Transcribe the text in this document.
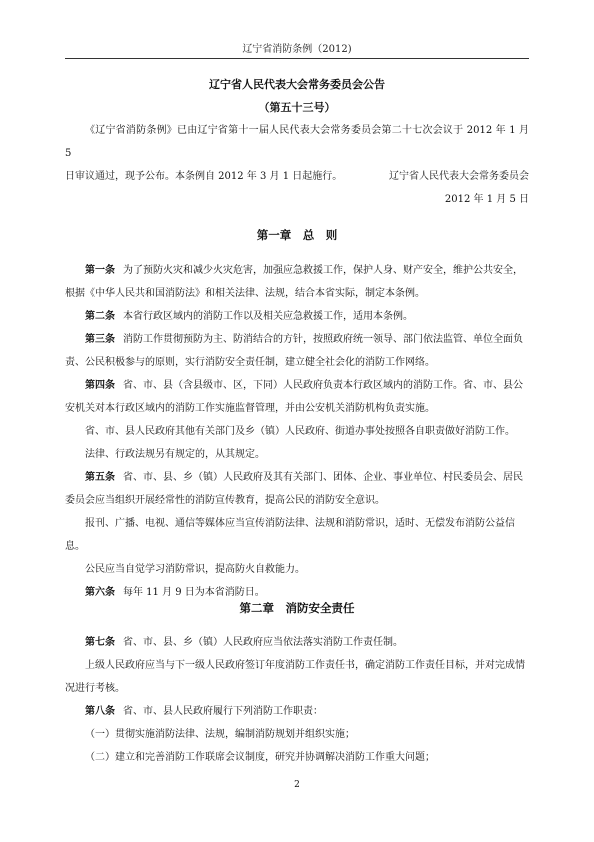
辽宁省消防条例（2012)
辽宁省人民代表大会常务委员会公告
（第五十三号）
《辽宁省消防条例》已由辽宁省第十一届人民代表大会常务委员会第二十七次会议于 2012 年 1 月 5
日审议通过，现予公布。本条例自 2012 年 3 月 1 日起施行。	辽宁省人民代表大会常务委员会
2012 年 1 月 5 日
第一章　总　则
第一条 为了预防火灾和减少火灾危害，加强应急救援工作，保护人身、财产安全，维护公共安全，
根据《中华人民共和国消防法》和相关法律、法规，结合本省实际，制定本条例。
第二条 本省行政区域内的消防工作以及相关应急救援工作，适用本条例。
第三条 消防工作贯彻预防为主、防消结合的方针，按照政府统一领导、部门依法监管、单位全面负
责、公民积极参与的原则，实行消防安全责任制，建立健全社会化的消防工作网络。
第四条 省、市、县（含县级市、区，下同）人民政府负责本行政区域内的消防工作。省、市、县公
安机关对本行政区域内的消防工作实施监督管理，并由公安机关消防机构负责实施。
省、市、县人民政府其他有关部门及乡（镇）人民政府、街道办事处按照各自职责做好消防工作。
法律、行政法规另有规定的，从其规定。
第五条 省、市、县、乡（镇）人民政府及其有关部门、团体、企业、事业单位、村民委员会、居民
委员会应当组织开展经常性的消防宣传教育，提高公民的消防安全意识。
报刊、广播、电视、通信等媒体应当宣传消防法律、法规和消防常识，适时、无偿发布消防公益信
息。
公民应当自觉学习消防常识，提高防火自救能力。
第六条 每年 11 月 9 日为本省消防日。
第二章　消防安全责任
第七条 省、市、县、乡（镇）人民政府应当依法落实消防工作责任制。
上级人民政府应当与下一级人民政府签订年度消防工作责任书，确定消防工作责任目标，并对完成情
况进行考核。
第八条 省、市、县人民政府履行下列消防工作职责：
（一）贯彻实施消防法律、法规，编制消防规划并组织实施；
（二）建立和完善消防工作联席会议制度，研究并协调解决消防工作重大问题；
2
